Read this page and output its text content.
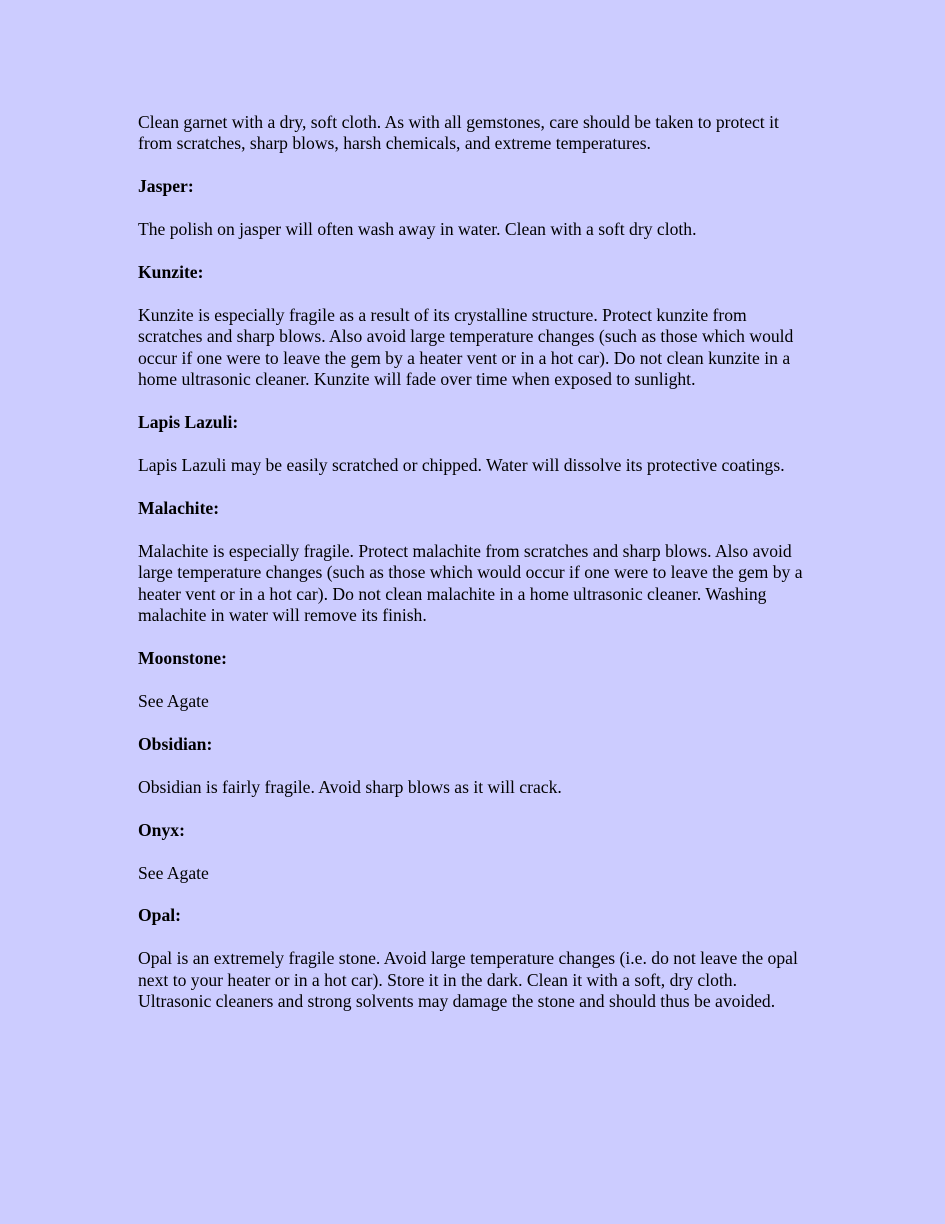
Clean garnet with a dry, soft cloth. As with all gemstones, care should be taken to protect it from scratches, sharp blows, harsh chemicals, and extreme temperatures.

Jasper:

The polish on jasper will often wash away in water. Clean with a soft dry cloth.

Kunzite:

Kunzite is especially fragile as a result of its crystalline structure. Protect kunzite from scratches and sharp blows. Also avoid large temperature changes (such as those which would occur if one were to leave the gem by a heater vent or in a hot car). Do not clean kunzite in a home ultrasonic cleaner. Kunzite will fade over time when exposed to sunlight.

Lapis Lazuli:

Lapis Lazuli may be easily scratched or chipped. Water will dissolve its protective coatings.

Malachite:

Malachite is especially fragile. Protect malachite from scratches and sharp blows. Also avoid large temperature changes (such as those which would occur if one were to leave the gem by a heater vent or in a hot car). Do not clean malachite in a home ultrasonic cleaner. Washing malachite in water will remove its finish.

Moonstone:

See Agate

Obsidian:

Obsidian is fairly fragile. Avoid sharp blows as it will crack.

Onyx:

See Agate

Opal:

Opal is an extremely fragile stone. Avoid large temperature changes (i.e. do not leave the opal next to your heater or in a hot car). Store it in the dark. Clean it with a soft, dry cloth. Ultrasonic cleaners and strong solvents may damage the stone and should thus be avoided.
